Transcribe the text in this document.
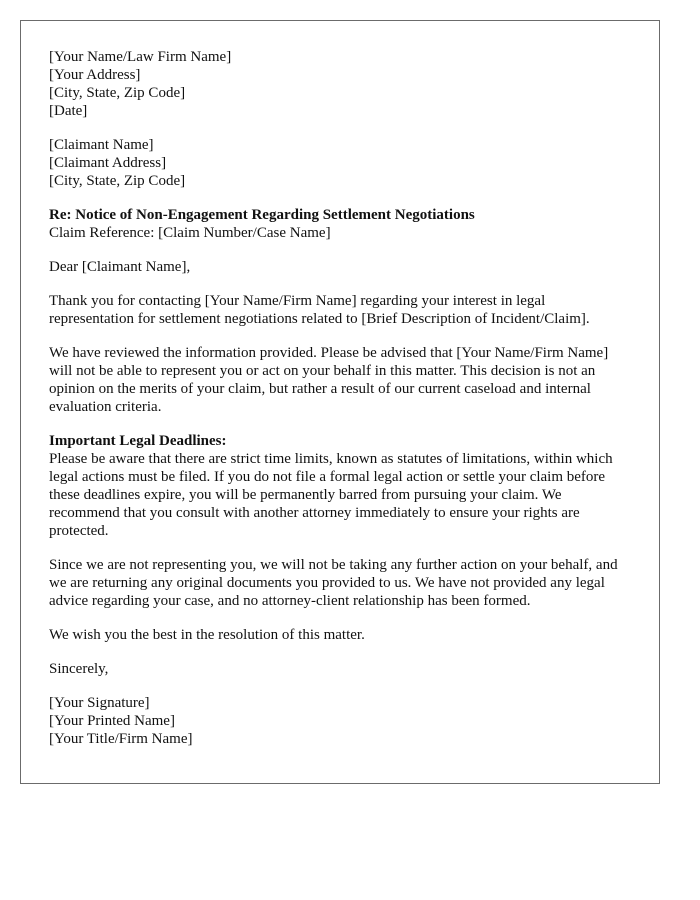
[Your Name/Law Firm Name]
[Your Address]
[City, State, Zip Code]
[Date]
[Claimant Name]
[Claimant Address]
[City, State, Zip Code]
Re: Notice of Non-Engagement Regarding Settlement Negotiations
Claim Reference: [Claim Number/Case Name]

Dear [Claimant Name],

Thank you for contacting [Your Name/Firm Name] regarding your interest in legal representation for settlement negotiations related to [Brief Description of Incident/Claim].

We have reviewed the information provided. Please be advised that [Your Name/Firm Name] will not be able to represent you or act on your behalf in this matter. This decision is not an opinion on the merits of your claim, but rather a result of our current caseload and internal evaluation criteria.

Important Legal Deadlines:
Please be aware that there are strict time limits, known as statutes of limitations, within which legal actions must be filed. If you do not file a formal legal action or settle your claim before these deadlines expire, you will be permanently barred from pursuing your claim. We recommend that you consult with another attorney immediately to ensure your rights are protected.

Since we are not representing you, we will not be taking any further action on your behalf, and we are returning any original documents you provided to us. We have not provided any legal advice regarding your case, and no attorney-client relationship has been formed.

We wish you the best in the resolution of this matter.

Sincerely,

[Your Signature]
[Your Printed Name]
[Your Title/Firm Name]
